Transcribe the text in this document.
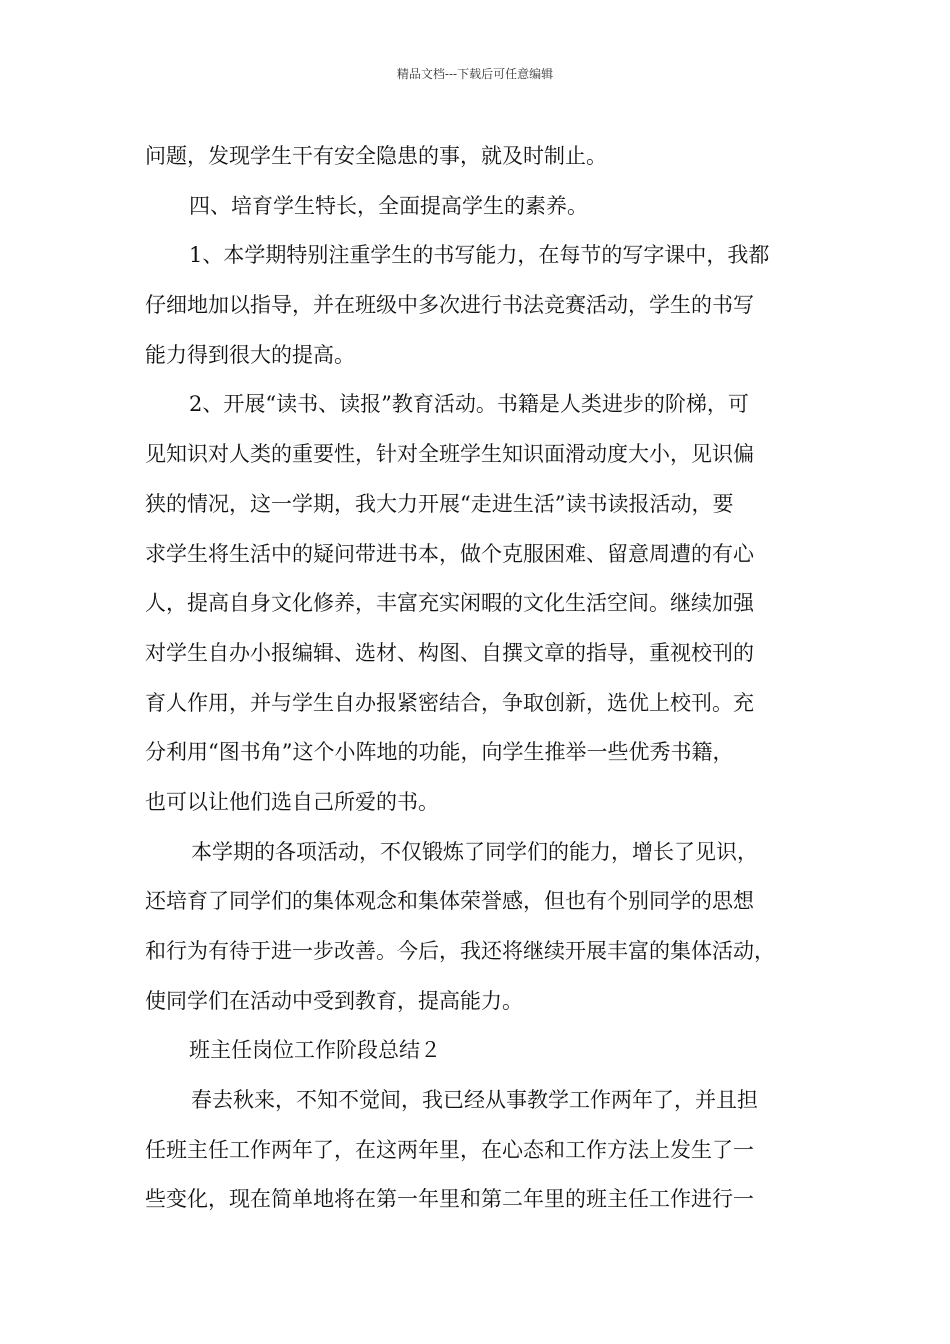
精品文档---下载后可任意编辑
问题，发现学生干有安全隐患的事，就及时制止。
四、培育学生特长，全面提高学生的素养。
1、本学期特别注重学生的书写能力，在每节的写字课中，我都
仔细地加以指导，并在班级中多次进行书法竞赛活动，学生的书写
能力得到很大的提高。
2、开展“读书、读报”教育活动。书籍是人类进步的阶梯，可
见知识对人类的重要性，针对全班学生知识面滑动度大小，见识偏
狭的情况，这一学期，我大力开展“走进生活”读书读报活动，要
求学生将生活中的疑问带进书本，做个克服困难、留意周遭的有心
人，提高自身文化修养，丰富充实闲暇的文化生活空间。继续加强
对学生自办小报编辑、选材、构图、自撰文章的指导，重视校刊的
育人作用，并与学生自办报紧密结合，争取创新，选优上校刊。充
分利用“图书角”这个小阵地的功能，向学生推举一些优秀书籍，
也可以让他们选自己所爱的书。
本学期的各项活动，不仅锻炼了同学们的能力，增长了见识，
还培育了同学们的集体观念和集体荣誉感，但也有个别同学的思想
和行为有待于进一步改善。今后，我还将继续开展丰富的集体活动，
使同学们在活动中受到教育，提高能力。
班主任岗位工作阶段总结２
春去秋来，不知不觉间，我已经从事教学工作两年了，并且担
任班主任工作两年了，在这两年里，在心态和工作方法上发生了一
些变化，现在简单地将在第一年里和第二年里的班主任工作进行一
